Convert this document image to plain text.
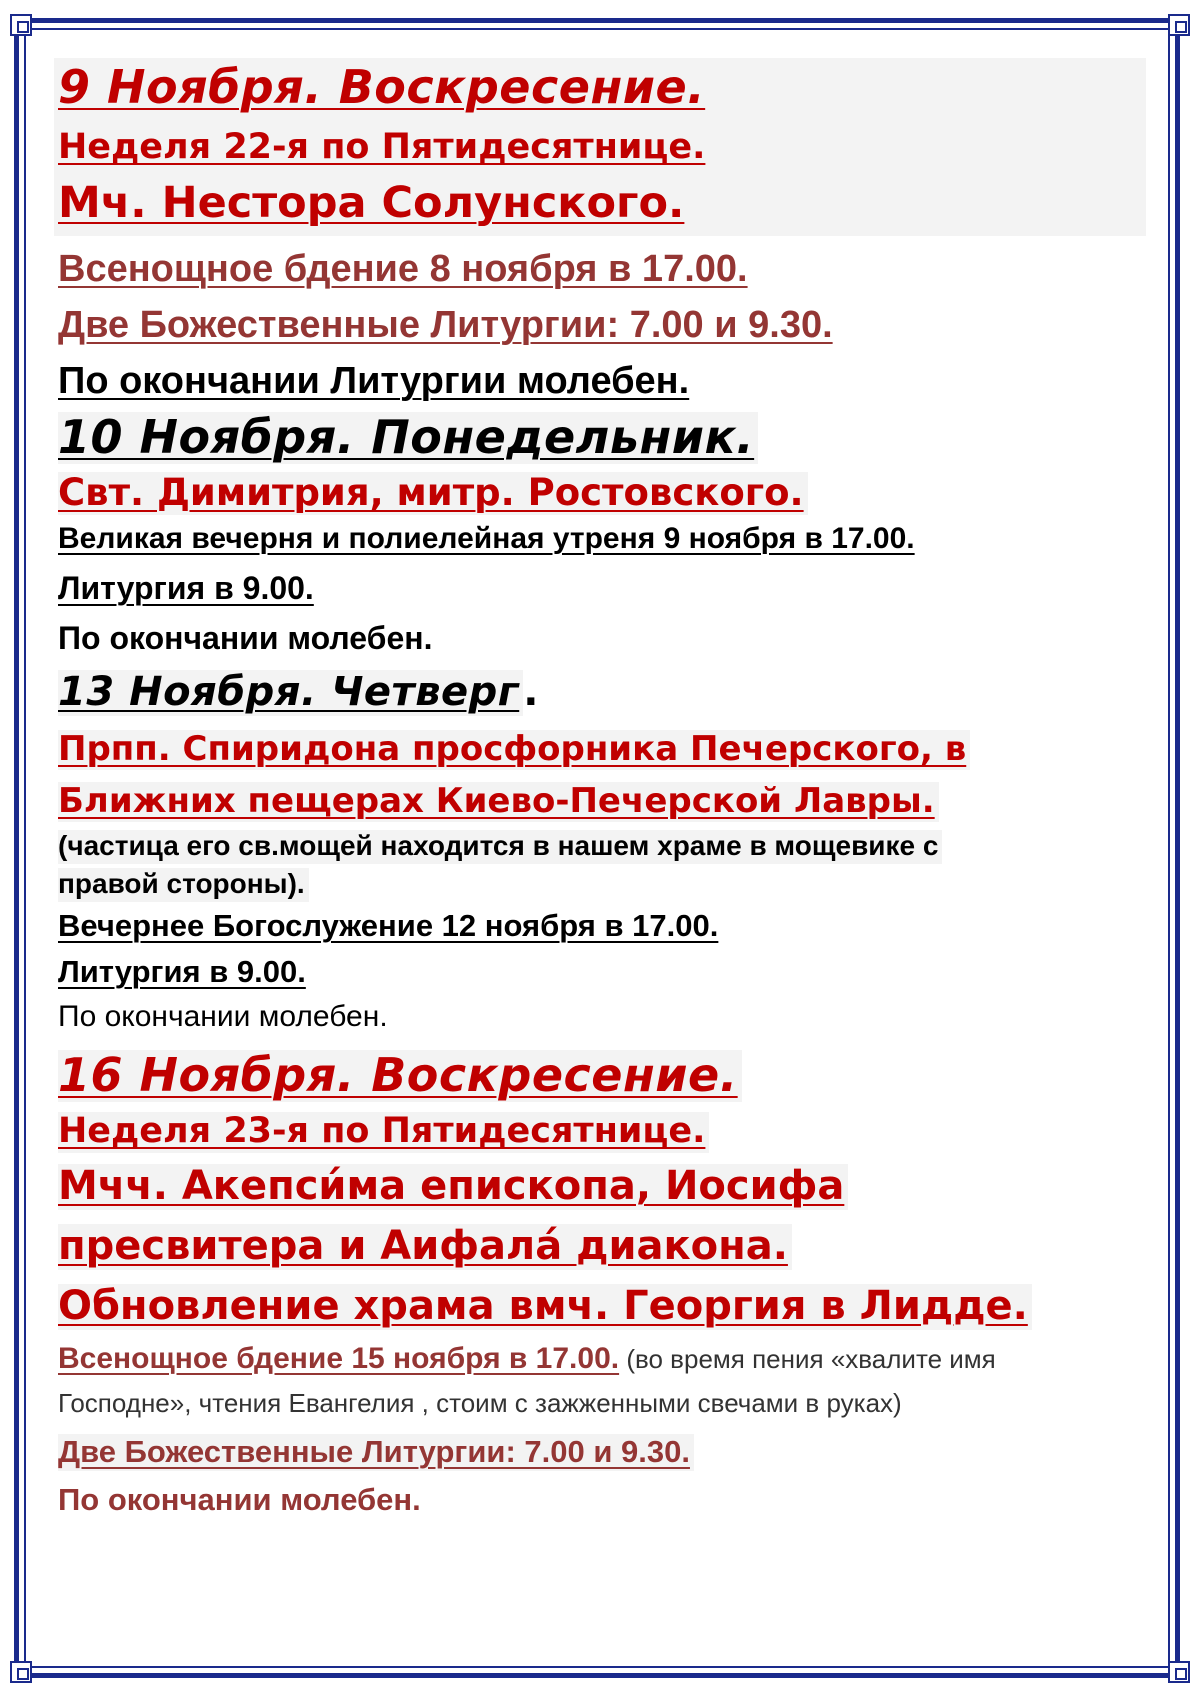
9 Ноября. Воскресение.
Неделя 22-я по Пятидесятнице.
Мч. Нестора Солунского.
Всенощное бдение 8 ноября в 17.00.
Две Божественные Литургии: 7.00 и 9.30.
По окончании Литургии молебен.
10 Ноября. Понедельник.
Свт. Димитрия, митр. Ростовского.
Великая вечерня и полиелейная утреня 9 ноября в 17.00.
Литургия в 9.00.
По окончании молебен.
13 Ноября. Четверг .
Прпп. Спиридона просфорника Печерского, в
Ближних пещерах Киево-Печерской Лавры.
(частица его св.мощей находится в нашем храме в мощевике с
правой стороны).
Вечернее Богослужение 12 ноября в 17.00.
Литургия в 9.00.
По окончании молебен.
16 Ноября. Воскресение.
Неделя 23-я по Пятидесятнице.
Мчч. Акепси́ма епископа, Иосифа
пресвитера и Аифала́ диакона.
Обновление храма вмч. Георгия в Лидде.
Всенощное бдение 15 ноября в 17.00. (во время пения «хвалите имя
Господне», чтения Евангелия , стоим с зажженными свечами в руках)
Две Божественные Литургии: 7.00 и 9.30.
По окончании молебен.
